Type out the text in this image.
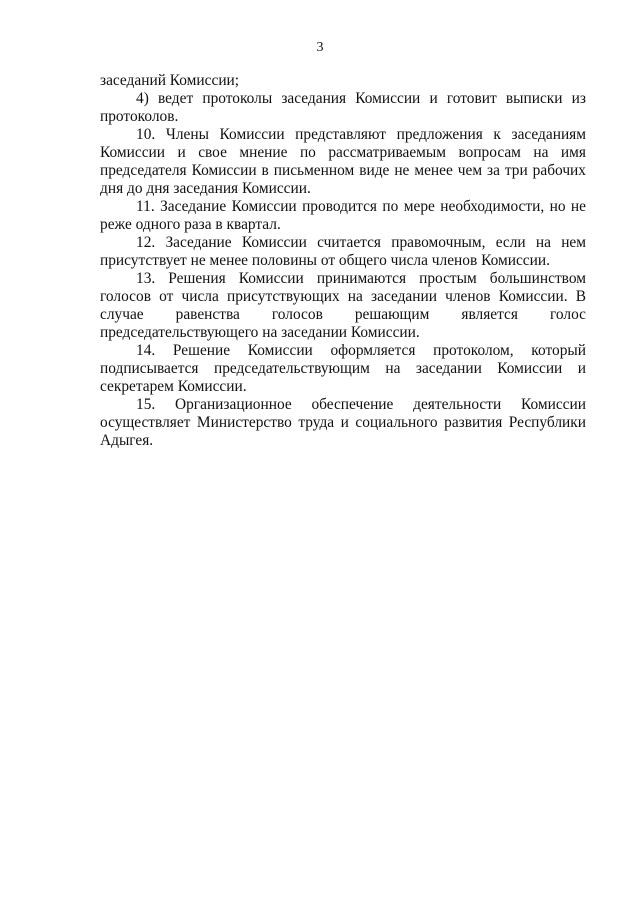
3

заседаний Комиссии;

4) ведет протоколы заседания Комиссии и готовит выписки из протоколов.

10. Члены Комиссии представляют предложения к заседаниям Комиссии и свое мнение по рассматриваемым вопросам на имя председателя Комиссии в письменном виде не менее чем за три рабочих дня до дня заседания Комиссии.

11. Заседание Комиссии проводится по мере необходимости, но не реже одного раза в квартал.

12. Заседание Комиссии считается правомочным, если на нем присутствует не менее половины от общего числа членов Комиссии.

13. Решения Комиссии принимаются простым большинством голосов от числа присутствующих на заседании членов Комиссии. В случае равенства голосов решающим является голос председательствующего на заседании Комиссии.

14. Решение Комиссии оформляется протоколом, который подписывается председательствующим на заседании Комиссии и секретарем Комиссии.

15. Организационное обеспечение деятельности Комиссии осуществляет Министерство труда и социального развития Республики Адыгея.
